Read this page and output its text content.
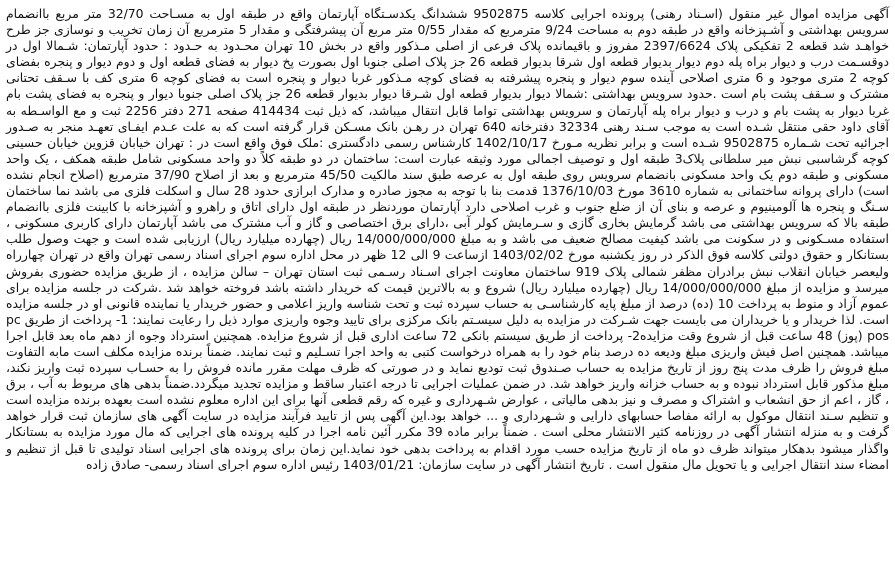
آگهی مزایده اموال غیر منقول (اسـناد رهنی) پرونده اجرایی کلاسه 9502875 ششدانگ یکدسـتگاه آپارتمان واقع در طبقه اول به مسـاحت 32/70 متر مربع باانضمام سرویس بهداشتی و آشـپزخانه واقع در طبقه دوم به مساحت 9/24 مترمربع که مقدار 0/55 متر مربع آن پیشرفتگی و مقدار 5 مترمربع آن زمان تخریب و نوسازی جز طرح خواهـد شد قطعه 2 تفکیکی پلاک 2397/6624 مفروز و باقیمانده پلاک فرعی از اصلی مـذکور واقع در بخش 10 تهران محـدود به حـدود : حدود آپارتمان: شـمالا اول در دوقسـمت درب و دیوار براه پله دوم دیوار بدیوار قطعه اول شرقا بدیوار قطعه 26 جز پلاک اصلی جنوبا اول بصورت پخ دیوار به فضای قطعه اول و دوم دیوار و پنجره بفضای کوچه 2 متری موجود و 6 متری اصلاحی آینده سوم دیوار و پنجره پیشرفته به فضای کوچه مـذکور غربا دیوار و پنجره است به فضای کوچه 6 متری کف با سـقف تحتانی مشترک و سـقف پشت بام است .حدود سرویس بهداشتی :شمالا دیوار بدیوار قطعه اول شـرقا دیوار بدیوار قطعه 26 جز پلاک اصلی جنوبا دیوار و پنجره به فضای پشت بام غربا دیوار به پشت بام و درب و دیوار براه پله آپارتمان و سرویس بهداشتی تواما قابل انتقال میباشد، که ذیل ثبت 414434 صفحه 271 دفتر 2256 ثبت و مع الواسـطه به آقای داود حقی منتقل شـده است به موجب سـند رهنی 32334 دفترخانه 640 تهران در رهـن بانک مسـکن قرار گرفته است که به علت عـدم ایفـای تعهـد منجر به صـدور اجرائیه تحت شـماره 9502875 شـده است و برابر نظریه مـورخ 1402/10/17 کارشناس رسمی دادگستری :ملک فوق واقع است در : تهران خیابان قزوین خیابان حسینی کوچه گرشاسبی نبش میر سلطانی پلاک3 طبقه اول و توصیف اجمالی مورد وثیقه عبارت است: ساختمان در دو طبقه کلاً دو واحد مسکونی شامل طبقه همکف ، یک واحد مسکونی و طبقه دوم یک واحد مسکونی بانضمام سرویس روی طبقه اول به عرصه طبق سند مالکیت 45/50 مترمربع و بعد از اصلاح 37/90 مترمربع (اصلاح انجام نشده است) دارای پروانه ساختمانی به شماره 3610 مورخ 1376/10/03 قدمت بنا با توجه به مجوز صادره و مدارک ابرازی حدود 28 سال و اسکلت فلزی می باشد نما ساختمان سـنگ و پنجره ها آلومینیوم و عرصه و بنای آن از ضلع جنوب و غرب اصلاحی دارد آپارتمان موردنظر در طبقه اول دارای اتاق و راهرو و آشپزخانه با کابینت فلزی باانضمام طبقه بالا که سرویس بهداشتی می باشد گرمایش بخاری گازی و سـرمایش کولر آبی ،دارای برق اختصاصی و گاز و آب مشترک می باشد آپارتمان دارای کاربری مسکونی ، استفاده مسـکونی و در سکونت می باشد کیفیت مصالح ضعیف می باشد و به مبلغ 14/000/000/000 ریال (چهارده میلیارد ریال) ارزیابی شده است و جهت وصول طلب بستانکار و حقوق دولتی کلاسه فوق الذکر در روز یکشنبه مورخ 1403/02/02 ازساعت 9 الی 12 ظهر در محل اداره سوم اجرای اسناد رسمی تهران واقع در تهران چهارراه ولیعصر خیابان انقلاب نبش برادران مظفر شمالی پلاک 919 ساختمان معاونت اجرای اسـناد رسـمی ثبت استان تهران – سالن مزایده ، از طریق مزایده حضوری بفروش میرسد و مزایده از مبلغ 14/000/000/000 ریال (چهارده میلیارد ریال) شروع و به بالاترین قیمت که خریدار داشته باشد فروخته خواهد شد .شرکت در جلسه مزایده برای عموم آزاد و منوط به پرداخت 10 (ده) درصد از مبلغ پایه کارشناسـی به حساب سپرده ثبت و تحت شناسه واریز اعلامی و حضور خریدار یا نماینده قانونی او در جلسه مزایده است. لذا خریدار و یا خریداران می بایست جهت شـرکت در مزایده به دلیل سیسـتم بانک مرکزی برای تایید وجوه واریزی موارد ذیل را رعایت نمایند: 1- پرداخت از طریق pc pos (پوز) 48 ساعت قبل از شروع وقت مزایده2- پرداخت از طریق سیستم بانکی 72 ساعت اداری قبل از شروع مزایده. همچنین استرداد وجوه از دهم ماه بعد قابل اجرا میباشد. همچنین اصل فیش واریزی مبلغ ودیعه ده درصد بنام خود را به همراه درخواست کتبی به واحد اجرا تسـلیم و ثبت نمایند. ضمناً برنده مزایده مکلف است مابه التفاوت مبلغ فروش را ظرف مدت پنج روز از تاریخ مزایده به حساب صـندوق ثبت تودیع نماید و در صورتی که ظرف مهلت مقرر مانده فروش را به حسـاب سپرده ثبت واریز نکند، مبلغ مذکور قابل استرداد نبوده و به حساب خزانه واریز خواهد شد. در ضمن عملیات اجرایی تا درجه اعتبار ساقط و مزایده تجدید میگردد.ضمناً بدهی های مربوط به آب ، برق ، گاز ، اعم از حق انشعاب و اشتراک و مصرف و نیز بدهی مالیاتی ، عوارض شـهرداری و غیره که رقم قطعی آنها برای این اداره معلوم نشده است بعهده برنده مزایده است و تنظیم سـند انتقال موکول به ارائه مفاصا حسابهای دارایی و شـهرداری و ... خواهد بود.این آگهی پس از تایید فرآیند مزایده در سایت آگهی های سازمان ثبت قرار خواهد گرفت و به منزله انتشار آگهی در روزنامه کثیر الانتشار محلی است . ضمناً برابر ماده 39 مکرر آئین نامه اجرا در کلیه پرونده های اجرایی که مال مورد مزایده به بستانکار واگذار میشود بدهکار میتواند ظرف دو ماه از تاریخ مزایده حسب مورد اقدام به پرداخت بدهی خود نماید.این زمان برای پرونده های اجرایی اسناد تولیدی تا قبل از تنظیم و امضاء سند انتقال اجرایی و یا تحویل مال منقول است . تاریخ انتشار آگهی در سایت سازمان: 1403/01/21 رئیس اداره سوم اجرای اسناد رسمی- صادق زاده
